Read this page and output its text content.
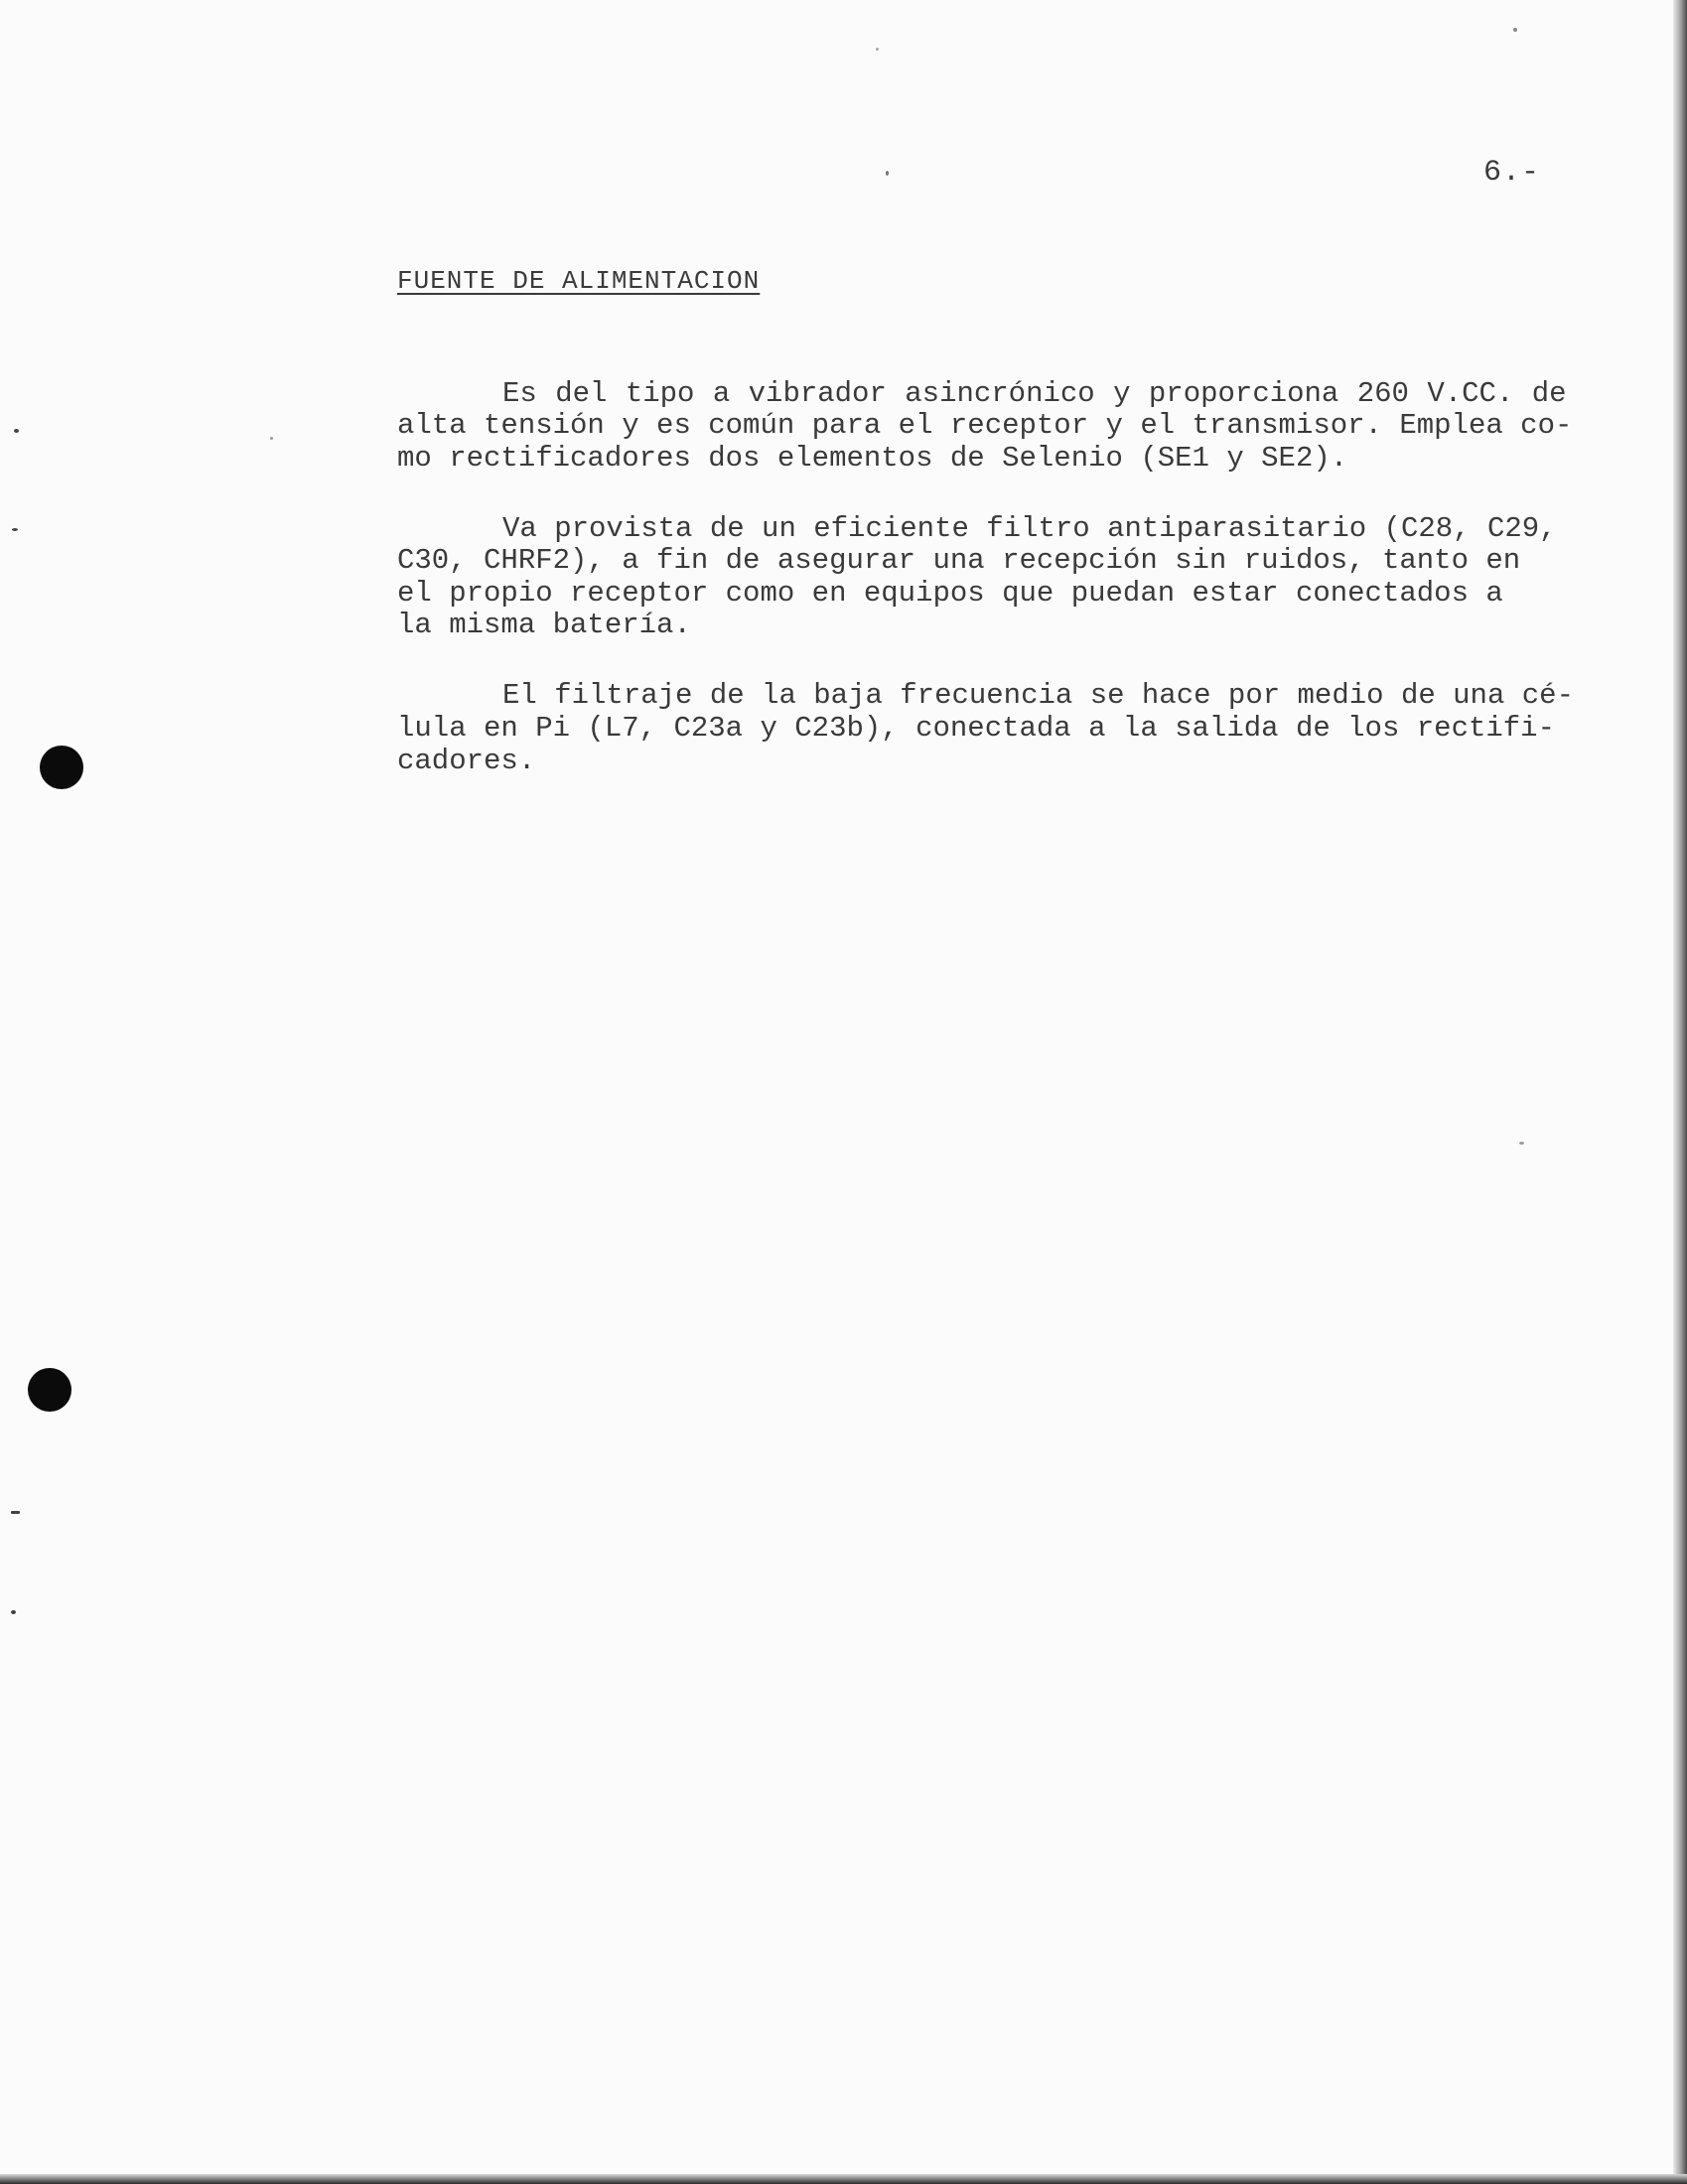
6.-
FUENTE DE ALIMENTACION
Es del tipo a vibrador asincrónico y proporciona 260 V.CC. de
alta tensión y es común para el receptor y el transmisor. Emplea co-
mo rectificadores dos elementos de Selenio (SE1 y SE2).
Va provista de un eficiente filtro antiparasitario (C28, C29,
C30, CHRF2), a fin de asegurar una recepción sin ruidos, tanto en
el propio receptor como en equipos que puedan estar conectados a
la misma batería.
El filtraje de la baja frecuencia se hace por medio de una cé-
lula en Pi (L7, C23a y C23b), conectada a la salida de los rectifi-
cadores.
